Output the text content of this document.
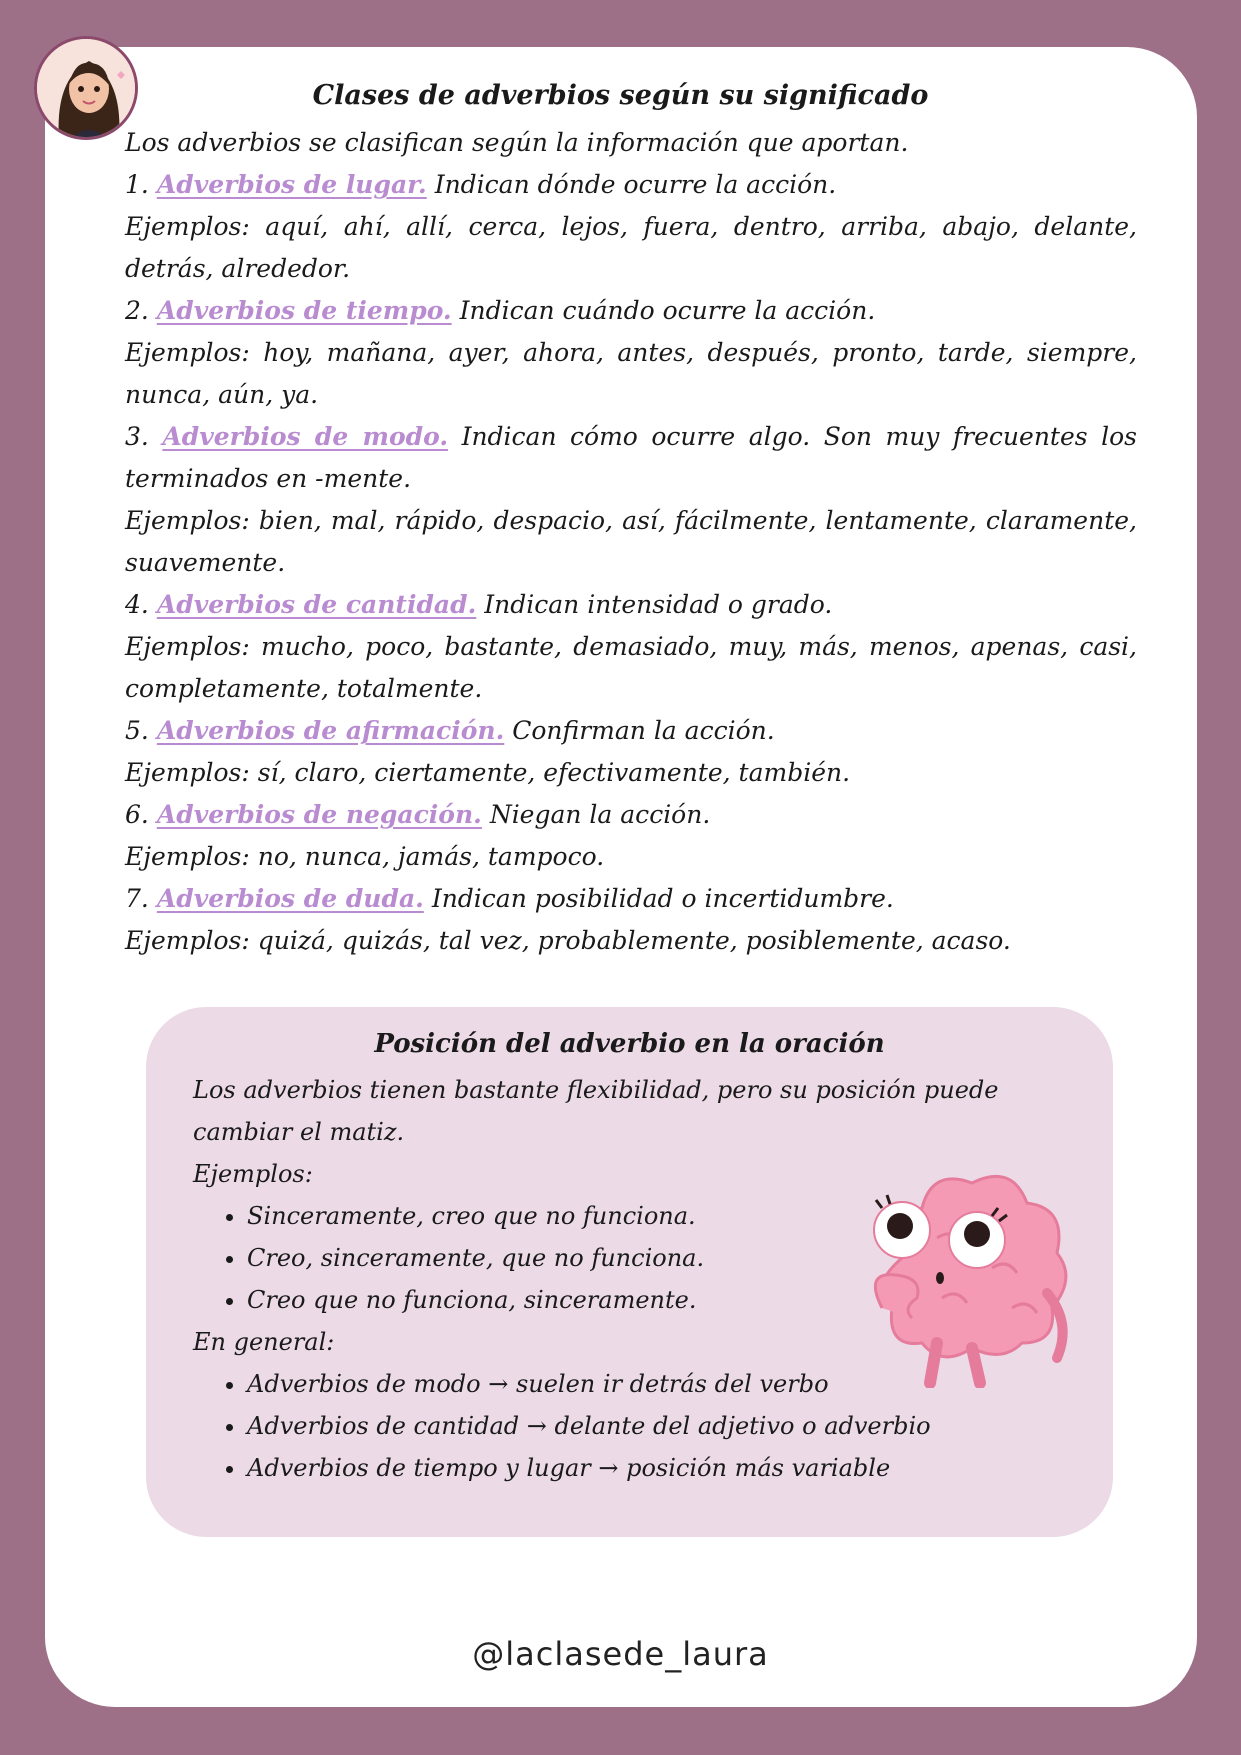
Clases de adverbios según su significado

Los adverbios se clasifican según la información que aportan.

1. Adverbios de lugar. Indican dónde ocurre la acción.

Ejemplos: aquí, ahí, allí, cerca, lejos, fuera, dentro, arriba, abajo, delante, detrás, alrededor.

2. Adverbios de tiempo. Indican cuándo ocurre la acción.

Ejemplos: hoy, mañana, ayer, ahora, antes, después, pronto, tarde, siempre, nunca, aún, ya.

3. Adverbios de modo. Indican cómo ocurre algo. Son muy frecuentes los terminados en -mente.

Ejemplos: bien, mal, rápido, despacio, así, fácilmente, lentamente, claramente, suavemente.

4. Adverbios de cantidad. Indican intensidad o grado.

Ejemplos: mucho, poco, bastante, demasiado, muy, más, menos, apenas, casi, completamente, totalmente.

5. Adverbios de afirmación. Confirman la acción.

Ejemplos: sí, claro, ciertamente, efectivamente, también.

6. Adverbios de negación. Niegan la acción.

Ejemplos: no, nunca, jamás, tampoco.

7. Adverbios de duda. Indican posibilidad o incertidumbre.

Ejemplos: quizá, quizás, tal vez, probablemente, posiblemente, acaso.

Posición del adverbio en la oración

Los adverbios tienen bastante flexibilidad, pero su posición puede cambiar el matiz.

Ejemplos:

• Sinceramente, creo que no funciona.
• Creo, sinceramente, que no funciona.
• Creo que no funciona, sinceramente.

En general:

• Adverbios de modo → suelen ir detrás del verbo
• Adverbios de cantidad → delante del adjetivo o adverbio
• Adverbios de tiempo y lugar → posición más variable
@laclasede_laura
